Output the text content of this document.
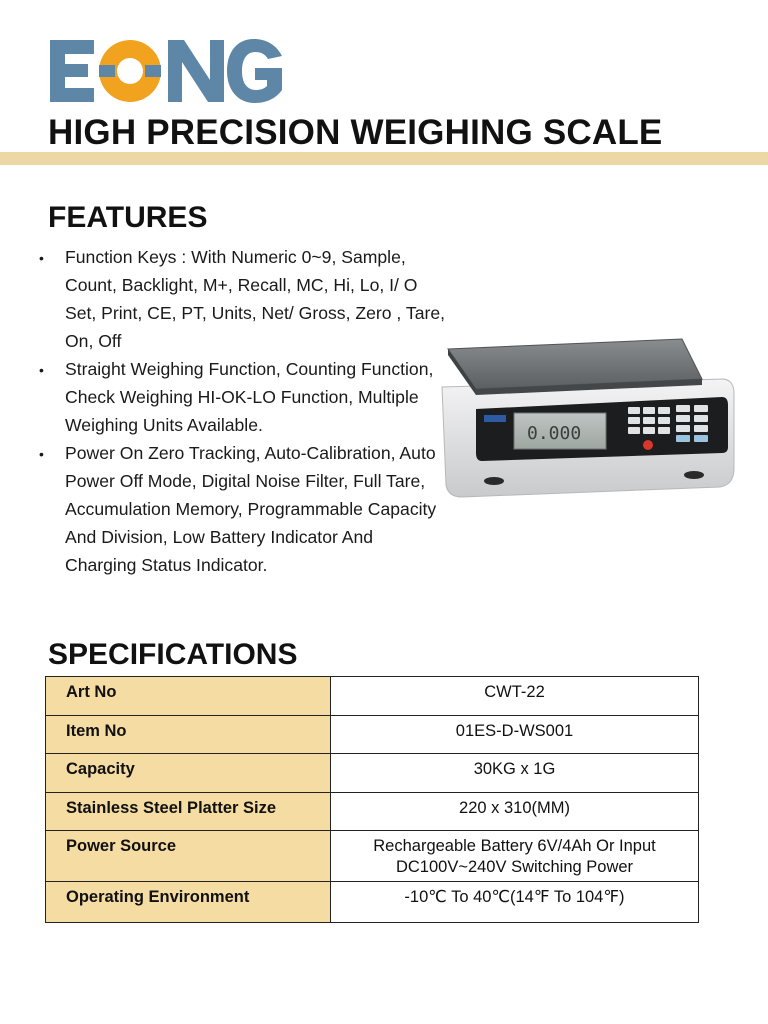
EONG
HIGH PRECISION WEIGHING SCALE
FEATURES
• Function Keys : With Numeric 0~9, Sample, Count, Backlight, M+, Recall, MC, Hi, Lo, I/ O Set, Print, CE, PT, Units, Net/ Gross, Zero , Tare, On, Off
• Straight Weighing Function, Counting Function, Check Weighing HI-OK-LO Function, Multiple Weighing Units Available.
• Power On Zero Tracking, Auto-Calibration, Auto Power Off Mode, Digital Noise Filter, Full Tare, Accumulation Memory, Programmable Capacity And Division, Low Battery Indicator And Charging Status Indicator.
0.000
SPECIFICATIONS
Art No	CWT-22
Item No	01ES-D-WS001
Capacity	30KG x 1G
Stainless Steel Platter Size	220 x 310(MM)
Power Source	Rechargeable Battery 6V/4Ah Or Input DC100V~240V Switching Power
Operating Environment	-10℃ To 40℃(14℉ To 104℉)
